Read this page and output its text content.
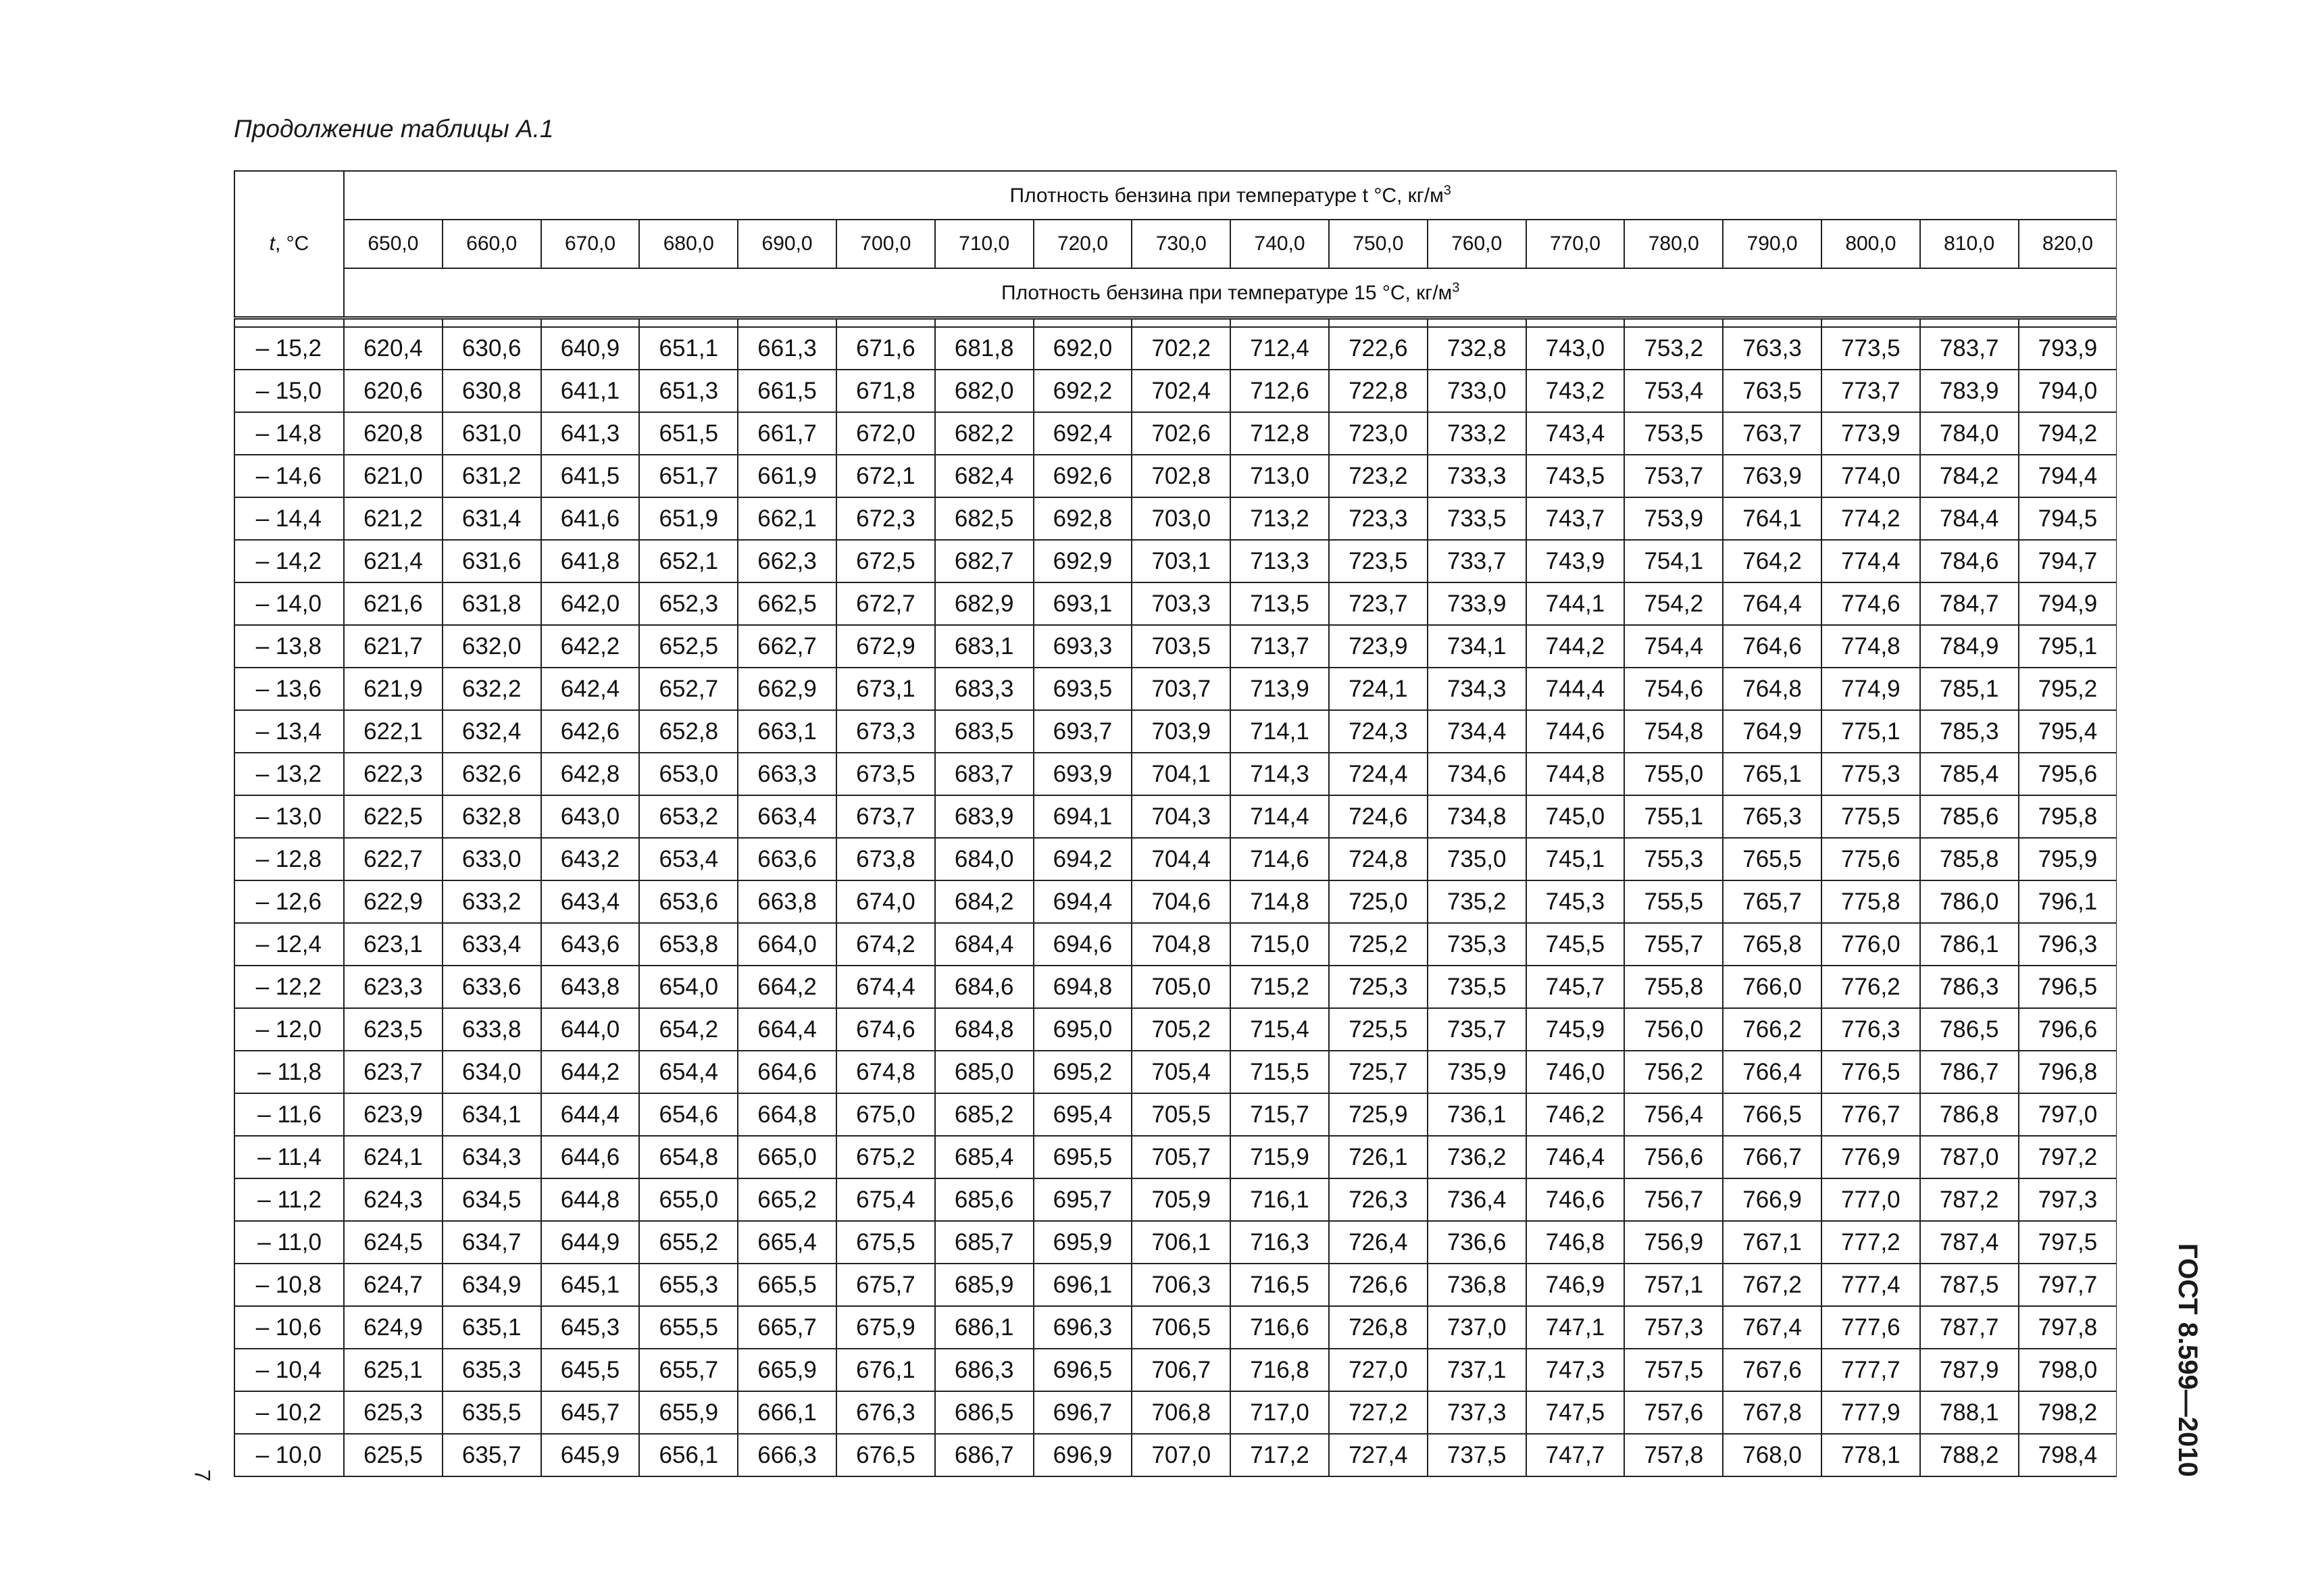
Продолжение таблицы А.1
t, °C	Плотность бензина при температуре t °C, $кг/м^3$
	650,0	660,0	670,0	680,0	690,0	700,0	710,0	720,0	730,0	740,0	750,0	760,0	770,0	780,0	790,0	800,0	810,0	820,0
	Плотность бензина при температуре 15 °C, $кг/м^3$

– 15,2	620,4	630,6	640,9	651,1	661,3	671,6	681,8	692,0	702,2	712,4	722,6	732,8	743,0	753,2	763,3	773,5	783,7	793,9
– 15,0	620,6	630,8	641,1	651,3	661,5	671,8	682,0	692,2	702,4	712,6	722,8	733,0	743,2	753,4	763,5	773,7	783,9	794,0
– 14,8	620,8	631,0	641,3	651,5	661,7	672,0	682,2	692,4	702,6	712,8	723,0	733,2	743,4	753,5	763,7	773,9	784,0	794,2
– 14,6	621,0	631,2	641,5	651,7	661,9	672,1	682,4	692,6	702,8	713,0	723,2	733,3	743,5	753,7	763,9	774,0	784,2	794,4
– 14,4	621,2	631,4	641,6	651,9	662,1	672,3	682,5	692,8	703,0	713,2	723,3	733,5	743,7	753,9	764,1	774,2	784,4	794,5
– 14,2	621,4	631,6	641,8	652,1	662,3	672,5	682,7	692,9	703,1	713,3	723,5	733,7	743,9	754,1	764,2	774,4	784,6	794,7
– 14,0	621,6	631,8	642,0	652,3	662,5	672,7	682,9	693,1	703,3	713,5	723,7	733,9	744,1	754,2	764,4	774,6	784,7	794,9
– 13,8	621,7	632,0	642,2	652,5	662,7	672,9	683,1	693,3	703,5	713,7	723,9	734,1	744,2	754,4	764,6	774,8	784,9	795,1
– 13,6	621,9	632,2	642,4	652,7	662,9	673,1	683,3	693,5	703,7	713,9	724,1	734,3	744,4	754,6	764,8	774,9	785,1	795,2
– 13,4	622,1	632,4	642,6	652,8	663,1	673,3	683,5	693,7	703,9	714,1	724,3	734,4	744,6	754,8	764,9	775,1	785,3	795,4
– 13,2	622,3	632,6	642,8	653,0	663,3	673,5	683,7	693,9	704,1	714,3	724,4	734,6	744,8	755,0	765,1	775,3	785,4	795,6
– 13,0	622,5	632,8	643,0	653,2	663,4	673,7	683,9	694,1	704,3	714,4	724,6	734,8	745,0	755,1	765,3	775,5	785,6	795,8
– 12,8	622,7	633,0	643,2	653,4	663,6	673,8	684,0	694,2	704,4	714,6	724,8	735,0	745,1	755,3	765,5	775,6	785,8	795,9
– 12,6	622,9	633,2	643,4	653,6	663,8	674,0	684,2	694,4	704,6	714,8	725,0	735,2	745,3	755,5	765,7	775,8	786,0	796,1
– 12,4	623,1	633,4	643,6	653,8	664,0	674,2	684,4	694,6	704,8	715,0	725,2	735,3	745,5	755,7	765,8	776,0	786,1	796,3
– 12,2	623,3	633,6	643,8	654,0	664,2	674,4	684,6	694,8	705,0	715,2	725,3	735,5	745,7	755,8	766,0	776,2	786,3	796,5
– 12,0	623,5	633,8	644,0	654,2	664,4	674,6	684,8	695,0	705,2	715,4	725,5	735,7	745,9	756,0	766,2	776,3	786,5	796,6
– 11,8	623,7	634,0	644,2	654,4	664,6	674,8	685,0	695,2	705,4	715,5	725,7	735,9	746,0	756,2	766,4	776,5	786,7	796,8
– 11,6	623,9	634,1	644,4	654,6	664,8	675,0	685,2	695,4	705,5	715,7	725,9	736,1	746,2	756,4	766,5	776,7	786,8	797,0
– 11,4	624,1	634,3	644,6	654,8	665,0	675,2	685,4	695,5	705,7	715,9	726,1	736,2	746,4	756,6	766,7	776,9	787,0	797,2
– 11,2	624,3	634,5	644,8	655,0	665,2	675,4	685,6	695,7	705,9	716,1	726,3	736,4	746,6	756,7	766,9	777,0	787,2	797,3
– 11,0	624,5	634,7	644,9	655,2	665,4	675,5	685,7	695,9	706,1	716,3	726,4	736,6	746,8	756,9	767,1	777,2	787,4	797,5
– 10,8	624,7	634,9	645,1	655,3	665,5	675,7	685,9	696,1	706,3	716,5	726,6	736,8	746,9	757,1	767,2	777,4	787,5	797,7
– 10,6	624,9	635,1	645,3	655,5	665,7	675,9	686,1	696,3	706,5	716,6	726,8	737,0	747,1	757,3	767,4	777,6	787,7	797,8
– 10,4	625,1	635,3	645,5	655,7	665,9	676,1	686,3	696,5	706,7	716,8	727,0	737,1	747,3	757,5	767,6	777,7	787,9	798,0
– 10,2	625,3	635,5	645,7	655,9	666,1	676,3	686,5	696,7	706,8	717,0	727,2	737,3	747,5	757,6	767,8	777,9	788,1	798,2
– 10,0	625,5	635,7	645,9	656,1	666,3	676,5	686,7	696,9	707,0	717,2	727,4	737,5	747,7	757,8	768,0	778,1	788,2	798,4	ГОСТ 8.599—2010
7
